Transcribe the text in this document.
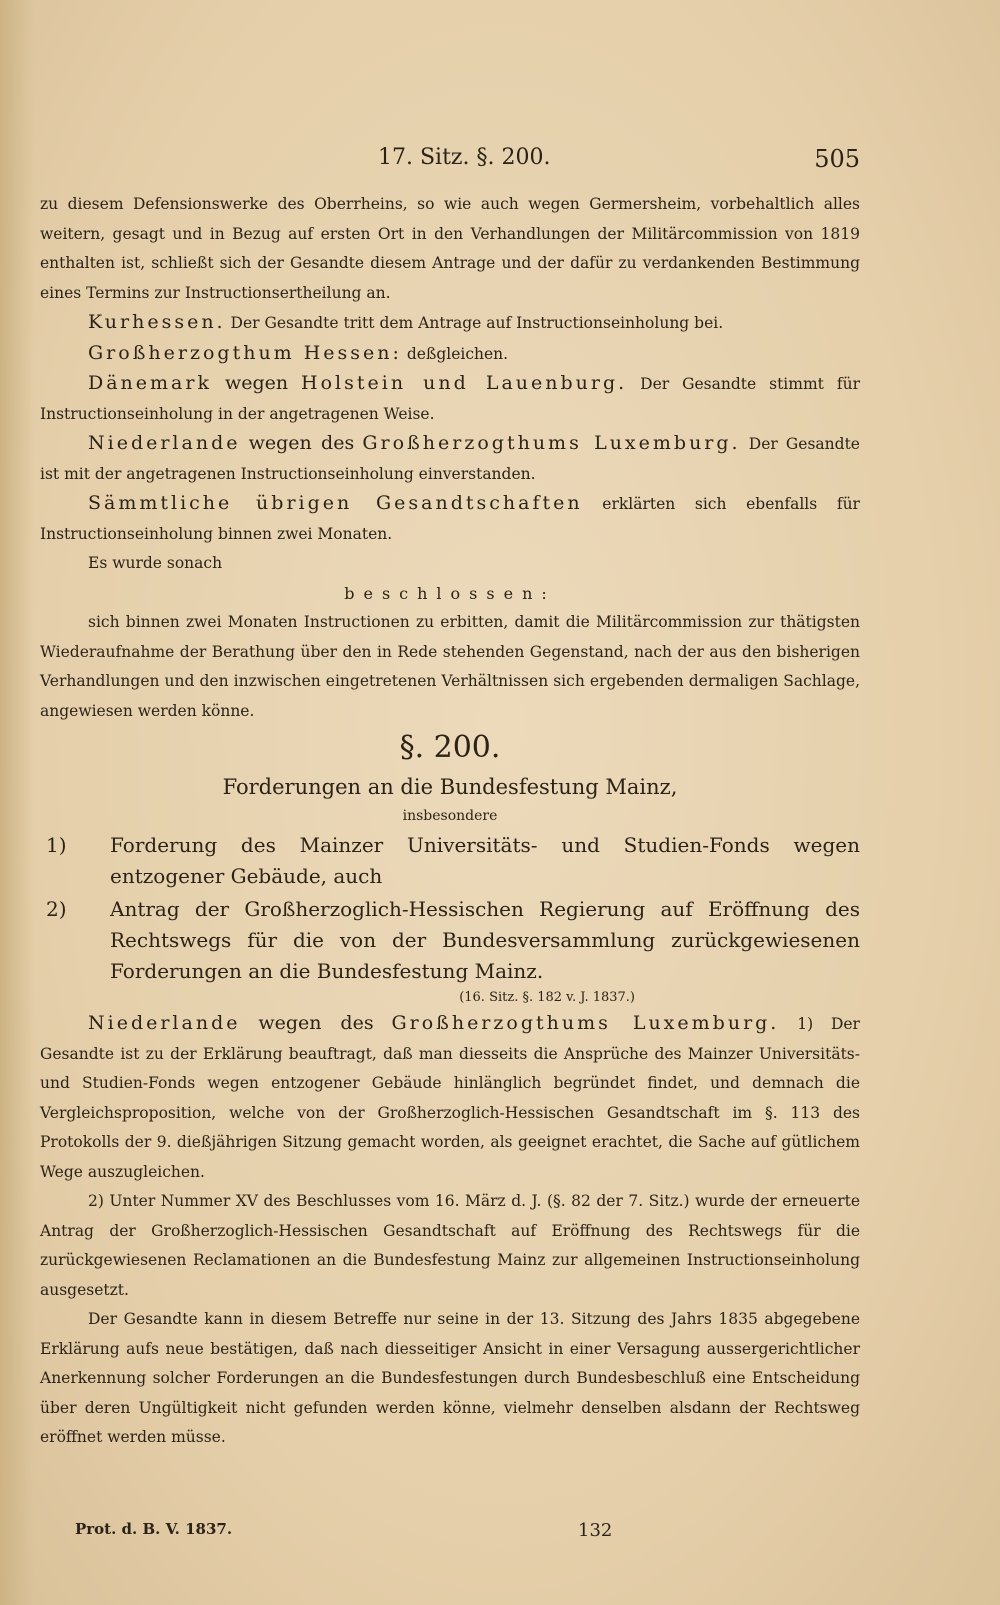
17. Sitz. §. 200.	505

zu diesem Defensionswerke des Oberrheins, so wie auch wegen Germersheim, vorbehaltlich alles weitern, gesagt und in Bezug auf ersten Ort in den Verhandlungen der Militärcommission von 1819 enthalten ist, schließt sich der Gesandte diesem Antrage und der dafür zu verdankenden Bestimmung eines Termins zur Instructionsertheilung an.

Kurhessen. Der Gesandte tritt dem Antrage auf Instructionseinholung bei.

Großherzogthum Hessen: deßgleichen.

Dänemark wegen Holstein und Lauenburg. Der Gesandte stimmt für Instructionseinholung in der angetragenen Weise.

Niederlande wegen des Großherzogthums Luxemburg. Der Gesandte ist mit der angetragenen Instructionseinholung einverstanden.

Sämmtliche übrigen Gesandtschaften erklärten sich ebenfalls für Instructionseinholung binnen zwei Monaten.

Es wurde sonach

beschlossen:

sich binnen zwei Monaten Instructionen zu erbitten, damit die Militärcommission zur thätigsten Wiederaufnahme der Berathung über den in Rede stehenden Gegenstand, nach der aus den bisherigen Verhandlungen und den inzwischen eingetretenen Verhältnissen sich ergebenden dermaligen Sachlage, angewiesen werden könne.

§. 200.

Forderungen an die Bundesfestung Mainz,

insbesondere

1)	Forderung des Mainzer Universitäts- und Studien-Fonds wegen entzogener Gebäude, auch
2)	Antrag der Großherzoglich-Hessischen Regierung auf Eröffnung des Rechtswegs für die von der Bundesversammlung zurückgewiesenen Forderungen an die Bundesfestung Mainz.

(16. Sitz. §. 182 v. J. 1837.)

Niederlande wegen des Großherzogthums Luxemburg. 1) Der Gesandte ist zu der Erklärung beauftragt, daß man diesseits die Ansprüche des Mainzer Universitäts- und Studien-Fonds wegen entzogener Gebäude hinlänglich begründet findet, und demnach die Vergleichsproposition, welche von der Großherzoglich-Hessischen Gesandtschaft im §. 113 des Protokolls der 9. dießjährigen Sitzung gemacht worden, als geeignet erachtet, die Sache auf gütlichem Wege auszugleichen.

2) Unter Nummer XV des Beschlusses vom 16. März d. J. (§. 82 der 7. Sitz.) wurde der erneuerte Antrag der Großherzoglich-Hessischen Gesandtschaft auf Eröffnung des Rechtswegs für die zurückgewiesenen Reclamationen an die Bundesfestung Mainz zur allgemeinen Instructionseinholung ausgesetzt.

Der Gesandte kann in diesem Betreffe nur seine in der 13. Sitzung des Jahrs 1835 abgegebene Erklärung aufs neue bestätigen, daß nach diesseitiger Ansicht in einer Versagung aussergerichtlicher Anerkennung solcher Forderungen an die Bundesfestungen durch Bundesbeschluß eine Entscheidung über deren Ungültigkeit nicht gefunden werden könne, vielmehr denselben alsdann der Rechtsweg eröffnet werden müsse.

Prot. d. B. V. 1837.	132
